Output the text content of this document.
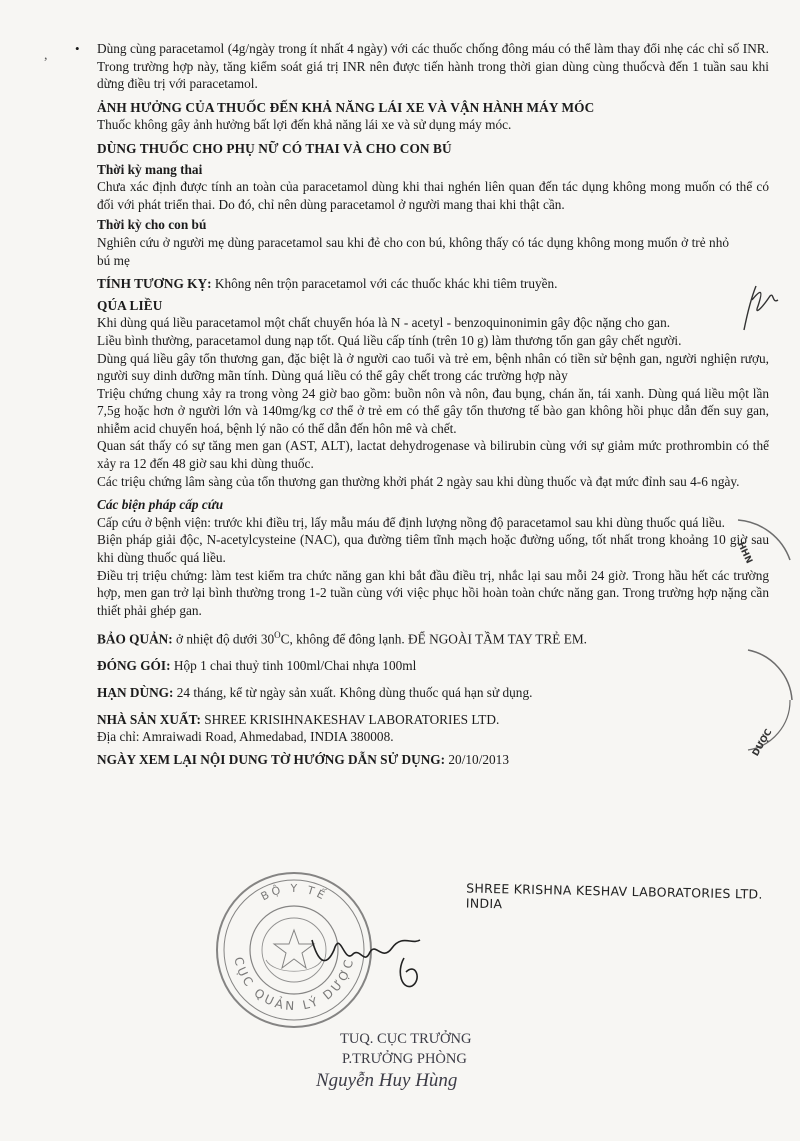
, • Dùng cùng paracetamol (4g/ngày trong ít nhất 4 ngày) với các thuốc chống đông máu có thể làm thay đổi nhẹ các chỉ số INR. Trong trường hợp này, tăng kiểm soát giá trị INR nên được tiến hành trong thời gian dùng cùng thuốcvà đến 1 tuần sau khi dừng điều trị với paracetamol.

ẢNH HƯỞNG CỦA THUỐC ĐẾN KHẢ NĂNG LÁI XE VÀ VẬN HÀNH MÁY MÓC

Thuốc không gây ảnh hưởng bất lợi đến khả năng lái xe và sử dụng máy móc.

DÙNG THUỐC CHO PHỤ NỮ CÓ THAI VÀ CHO CON BÚ

Thời kỳ mang thai

Chưa xác định được tính an toàn của paracetamol dùng khi thai nghén liên quan đến tác dụng không mong muốn có thể có đối với phát triển thai. Do đó, chỉ nên dùng paracetamol ở người mang thai khi thật cần.

Thời kỳ cho con bú

Nghiên cứu ở người mẹ dùng paracetamol sau khi đẻ cho con bú, không thấy có tác dụng không mong muốn ở trẻ nhỏ bú mẹ

TÍNH TƯƠNG KỴ: Không nên trộn paracetamol với các thuốc khác khi tiêm truyền.

QÚA LIỀU

Khi dùng quá liều paracetamol một chất chuyển hóa là N - acetyl - benzoquinonimin gây độc nặng cho gan.

Liều bình thường, paracetamol dung nạp tốt. Quá liều cấp tính (trên 10 g) làm thương tổn gan gây chết người.

Dùng quá liều gây tổn thương gan, đặc biệt là ở người cao tuổi và trẻ em, bệnh nhân có tiền sử bệnh gan, người nghiện rượu, người suy dinh dưỡng mãn tính. Dùng quá liều có thể gây chết trong các trường hợp này

Triệu chứng chung xảy ra trong vòng 24 giờ bao gồm: buồn nôn và nôn, đau bụng, chán ăn, tái xanh. Dùng quá liều một lần 7,5g hoặc hơn ở người lớn và 140mg/kg cơ thể ở trẻ em có thể gây tổn thương tế bào gan không hồi phục dẫn đến suy gan, nhiễm acid chuyển hoá, bệnh lý não có thể dẫn đến hôn mê và chết.

Quan sát thấy có sự tăng men gan (AST, ALT), lactat dehydrogenase và bilirubin cùng với sự giảm mức prothrombin có thể xảy ra 12 đến 48 giờ sau khi dùng thuốc.

Các triệu chứng lâm sàng của tổn thương gan thường khởi phát 2 ngày sau khi dùng thuốc và đạt mức đỉnh sau 4-6 ngày.

Các biện pháp cấp cứu

Cấp cứu ở bệnh viện: trước khi điều trị, lấy mẫu máu để định lượng nồng độ paracetamol sau khi dùng thuốc quá liều.

Biện pháp giải độc, N-acetylcysteine (NAC), qua đường tiêm tĩnh mạch hoặc đường uống, tốt nhất trong khoảng 10 giờ sau khi dùng thuốc quá liều.

Điều trị triệu chứng: làm test kiểm tra chức năng gan khi bắt đầu điều trị, nhắc lại sau mỗi 24 giờ. Trong hầu hết các trường hợp, men gan trở lại bình thường trong 1-2 tuần cùng với việc phục hồi hoàn toàn chức năng gan. Trong trường hợp nặng cần thiết phải ghép gan.

BẢO QUẢN: ở nhiệt độ dưới $30^OC$, không để đông lạnh. ĐỂ NGOÀI TẦM TAY TRẺ EM.

ĐÓNG GÓI: Hộp 1 chai thuỷ tinh 100ml/Chai nhựa 100ml

HẠN DÙNG: 24 tháng, kể từ ngày sản xuất. Không dùng thuốc quá hạn sử dụng.

NHÀ SẢN XUẤT: SHREE KRISIHNAKESHAV LABORATORIES LTD.

Địa chỉ: Amraiwadi Road, Ahmedabad, INDIA 380008.

NGÀY XEM LẠI NỘI DUNG TỜ HƯỚNG DẪN SỬ DỤNG: 20/10/2013

SHREE KRISHNA KESHAV LABORATORIES LTD. INDIA
BỘ Y TẾ
CỤC QUẢN LÝ DƯỢC
TUQ. CỤC TRƯỞNG
P.TRƯỞNG PHÒNG
Nguyễn Huy Hùng
HHN
DƯỢC
